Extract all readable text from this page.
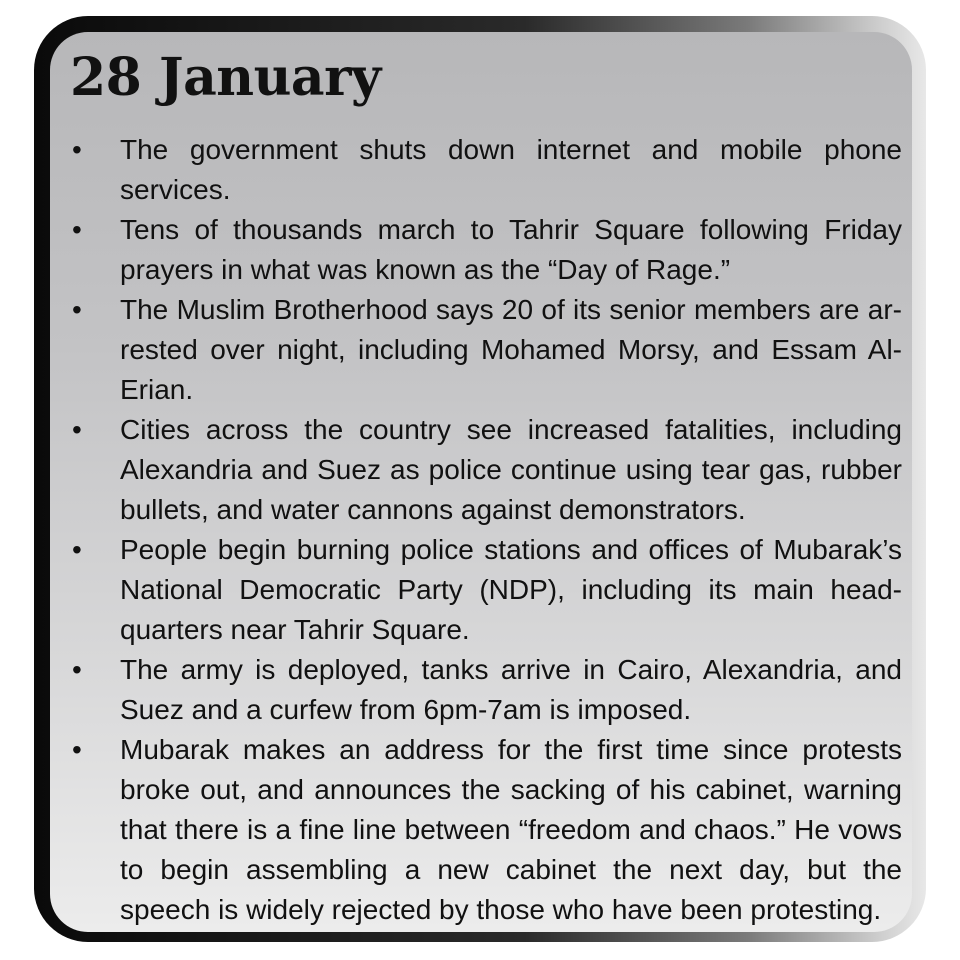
28 January
•	The government shuts down internet and mobile phone services.
•	Tens of thousands march to Tahrir Square following Friday prayers in what was known as the “Day of Rage.”
•	The Muslim Brotherhood says 20 of its senior members are ar-rested over night, including Mohamed Morsy, and Essam Al-Erian.
•	Cities across the country see increased fatalities, including Alexandria and Suez as police continue using tear gas, rubber bullets, and water cannons against demonstrators.
•	People begin burning police stations and offices of Mubarak’s National Democratic Party (NDP), including its main head-quarters near Tahrir Square.
•	The army is deployed, tanks arrive in Cairo, Alexandria, and Suez and a curfew from 6pm-7am is imposed.
•	Mubarak makes an address for the first time since protests broke out, and announces the sacking of his cabinet, warning that there is a fine line between “freedom and chaos.” He vows to begin assembling a new cabinet the next day, but the speech is widely rejected by those who have been protesting.
